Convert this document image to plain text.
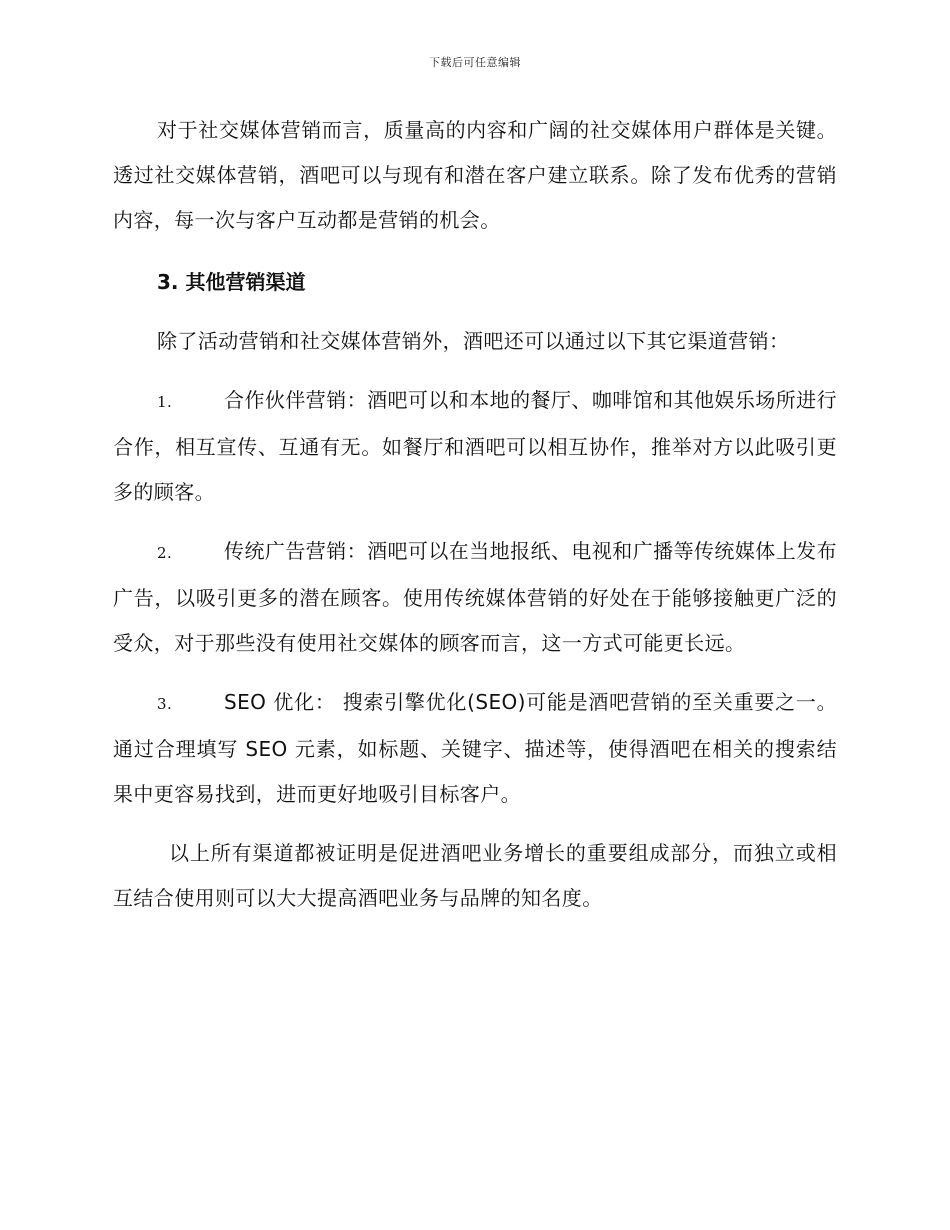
下载后可任意编辑

对于社交媒体营销而言，质量高的内容和广阔的社交媒体用户群体是关键。透过社交媒体营销，酒吧可以与现有和潜在客户建立联系。除了发布优秀的营销内容，每一次与客户互动都是营销的机会。

3. 其他营销渠道

除了活动营销和社交媒体营销外，酒吧还可以通过以下其它渠道营销：

1.	合作伙伴营销：酒吧可以和本地的餐厅、咖啡馆和其他娱乐场所进行合作，相互宣传、互通有无。如餐厅和酒吧可以相互协作，推举对方以此吸引更多的顾客。

2.	传统广告营销：酒吧可以在当地报纸、电视和广播等传统媒体上发布广告，以吸引更多的潜在顾客。使用传统媒体营销的好处在于能够接触更广泛的受众，对于那些没有使用社交媒体的顾客而言，这一方式可能更长远。

3.	SEO 优化： 搜索引擎优化(SEO)可能是酒吧营销的至关重要之一。通过合理填写 SEO 元素，如标题、关键字、描述等，使得酒吧在相关的搜索结果中更容易找到，进而更好地吸引目标客户。

以上所有渠道都被证明是促进酒吧业务增长的重要组成部分，而独立或相互结合使用则可以大大提高酒吧业务与品牌的知名度。
